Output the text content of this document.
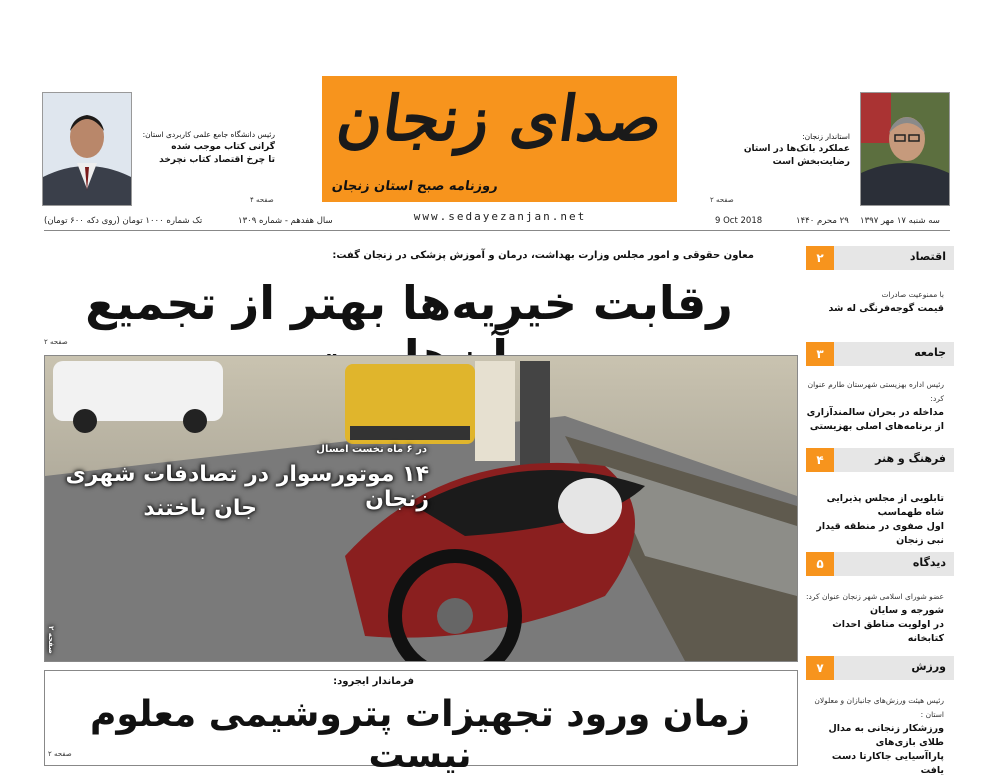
صدای زنجان
روزنامه صبح استان زنجان
www.sedayezanjan.net
رئیس دانشگاه جامع علمی کاربردی استان:
گرانی کتاب موجب شده
تا چرخ اقتصاد کتاب نچرخد
صفحه ۴
استاندار زنجان:
عملکرد بانک‌ها در استان رضایت‌بخش است
صفحه ۲
تک شماره ۱۰۰۰ تومان (روی دکه ۶۰۰ تومان)	سال هفدهم - شماره ۱۳۰۹	9 Oct 2018	۲۹ محرم ۱۴۴۰ سه شنبه ۱۷ مهر ۱۳۹۷
معاون حقوقی و امور مجلس وزارت بهداشت، درمان و آموزش پزشکی در زنجان گفت:
رقابت خیریه‌ها بهتر از تجمیع
صفحه ۲
در ۶ ماه نخست امسال
۱۴ موتورسوار در تصادفات شهری زنجان
جان باختند
صفحه ۲
فرماندار ایجرود:
زمان ورود تجهیزات پتروشیمی معلوم نیست
صفحه ۲
اقتصاد
۲
با ممنوعیت صادرات
قیمت گوجه‌فرنگی له شد
جامعه
۳
رئیس اداره بهزیستی شهرستان طارم عنوان کرد:
مداخله در بحران سالمندآزاری
از برنامه‌های اصلی بهزیستی
فرهنگ و هنر
۴
تابلویی از مجلس پذیرایی شاه طهماسب
اول صفوی در منطقه قیدار نبی زنجان
دیدگاه
۵
عضو شورای اسلامی شهر زنجان عنوان کرد:
شورجه و سایان
در اولویت مناطق احداث کتابخانه
ورزش
۷
رئیس هیئت ورزش‌های جانبازان و معلولان استان :
ورزشکار زنجانی به مدال طلای بازی‌های
پاراآسیایی جاکارتا دست یافت
